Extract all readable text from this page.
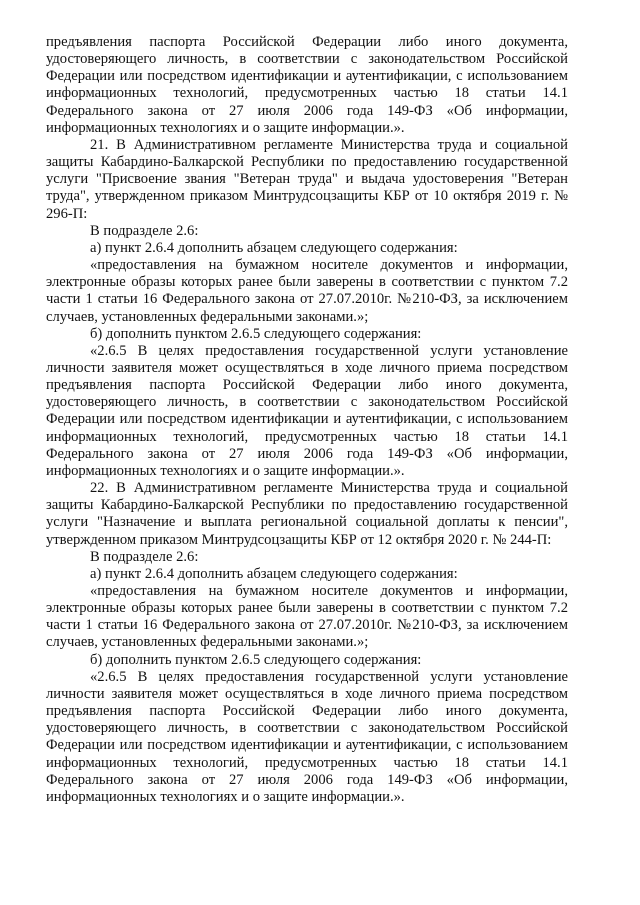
предъявления паспорта Российской Федерации либо иного документа, удостоверяющего личность, в соответствии с законодательством Российской Федерации или посредством идентификации и аутентификации, с использованием информационных технологий, предусмотренных частью 18 статьи 14.1 Федерального закона от 27 июля 2006 года 149-ФЗ «Об информации, информационных технологиях и о защите информации.».

21. В Административном регламенте Министерства труда и социальной защиты Кабардино-Балкарской Республики по предоставлению государственной услуги "Присвоение звания "Ветеран труда" и выдача удостоверения "Ветеран труда", утвержденном приказом Минтрудсоцзащиты КБР от 10 октября 2019 г. № 296-П:

В подразделе 2.6:

а) пункт 2.6.4 дополнить абзацем следующего содержания:

«предоставления на бумажном носителе документов и информации, электронные образы которых ранее были заверены в соответствии с пунктом 7.2 части 1 статьи 16 Федерального закона от 27.07.2010г. №210-ФЗ, за исключением случаев, установленных федеральными законами.»;

б) дополнить пунктом 2.6.5 следующего содержания:

«2.6.5 В целях предоставления государственной услуги установление личности заявителя может осуществляться в ходе личного приема посредством предъявления паспорта Российской Федерации либо иного документа, удостоверяющего личность, в соответствии с законодательством Российской Федерации или посредством идентификации и аутентификации, с использованием информационных технологий, предусмотренных частью 18 статьи 14.1 Федерального закона от 27 июля 2006 года 149-ФЗ «Об информации, информационных технологиях и о защите информации.».

22. В Административном регламенте Министерства труда и социальной защиты Кабардино-Балкарской Республики по предоставлению государственной услуги "Назначение и выплата региональной социальной доплаты к пенсии", утвержденном приказом Минтрудсоцзащиты КБР от 12 октября 2020 г. № 244-П:

В подразделе 2.6:

а) пункт 2.6.4 дополнить абзацем следующего содержания:

«предоставления на бумажном носителе документов и информации, электронные образы которых ранее были заверены в соответствии с пунктом 7.2 части 1 статьи 16 Федерального закона от 27.07.2010г. №210-ФЗ, за исключением случаев, установленных федеральными законами.»;

б) дополнить пунктом 2.6.5 следующего содержания:

«2.6.5 В целях предоставления государственной услуги установление личности заявителя может осуществляться в ходе личного приема посредством предъявления паспорта Российской Федерации либо иного документа, удостоверяющего личность, в соответствии с законодательством Российской Федерации или посредством идентификации и аутентификации, с использованием информационных технологий, предусмотренных частью 18 статьи 14.1 Федерального закона от 27 июля 2006 года 149-ФЗ «Об информации, информационных технологиях и о защите информации.».
